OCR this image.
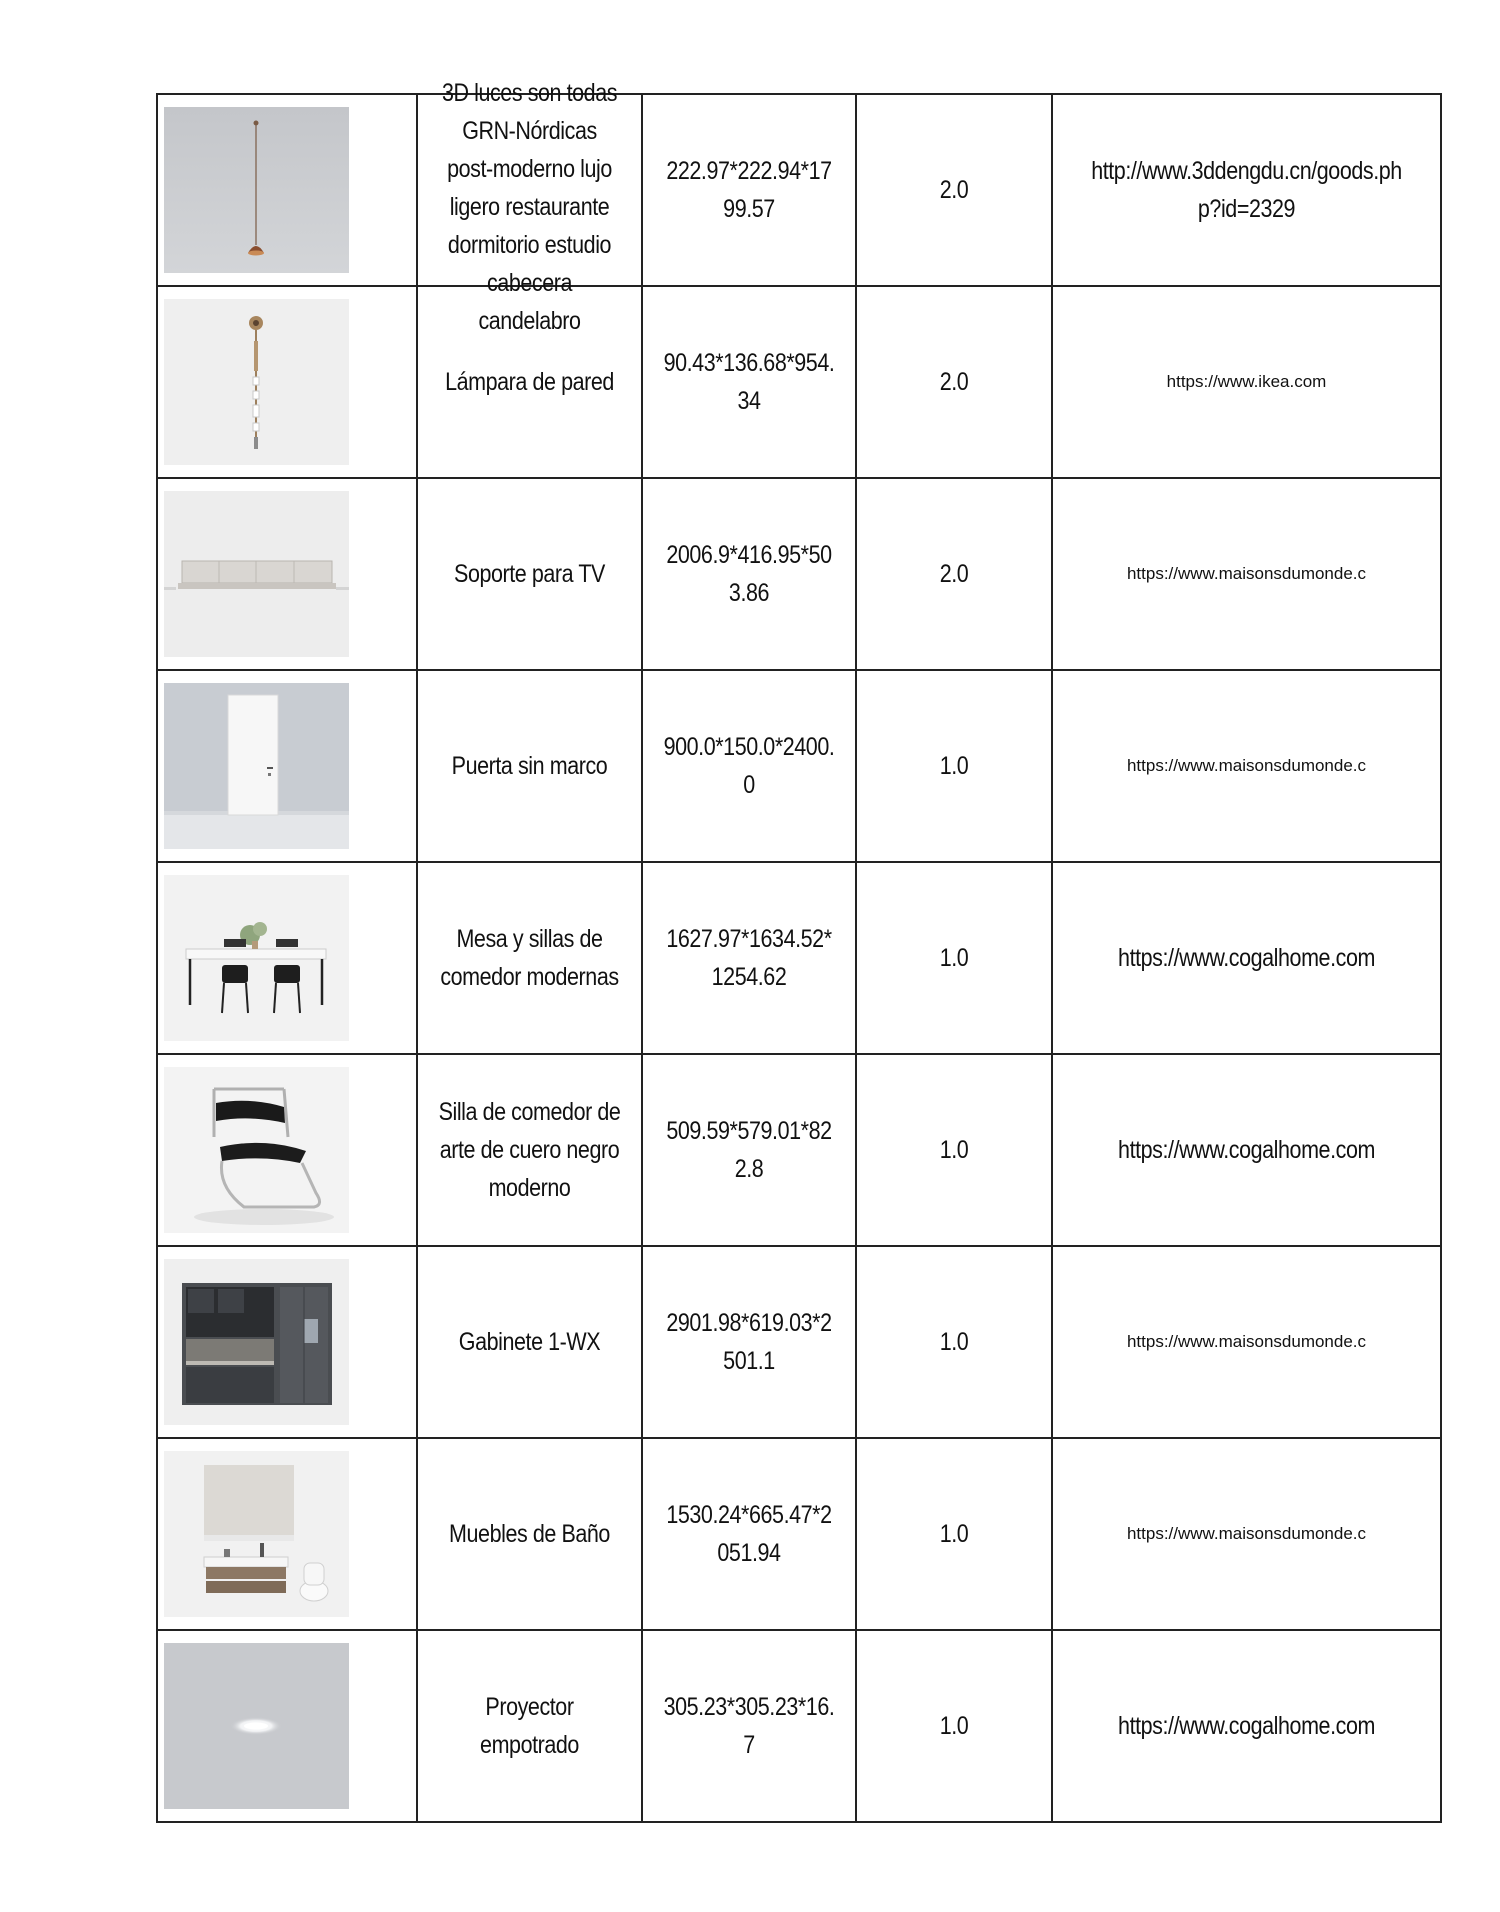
3D luces son todas GRN-Nórdicas post-moderno lujo ligero restaurante dormitorio estudio cabecera candelabro	222.97*222.94*1799.57	2.0	http://www.3ddengdu.cn/goods.php?id=2329

Lámpara de pared	90.43*136.68*954.34	2.0	https://www.ikea.com

Soporte para TV	2006.9*416.95*503.86	2.0	https://www.maisonsdumonde.c

Puerta sin marco	900.0*150.0*2400.0	1.0	https://www.maisonsdumonde.c

Mesa y sillas de comedor modernas	1627.97*1634.52*1254.62	1.0	https://www.cogalhome.com

Silla de comedor de arte de cuero negro moderno	509.59*579.01*822.8	1.0	https://www.cogalhome.com

Gabinete 1-WX	2901.98*619.03*2501.1	1.0	https://www.maisonsdumonde.c

Muebles de Baño	1530.24*665.47*2051.94	1.0	https://www.maisonsdumonde.c

Proyector empotrado	305.23*305.23*16.7	1.0	https://www.cogalhome.com
